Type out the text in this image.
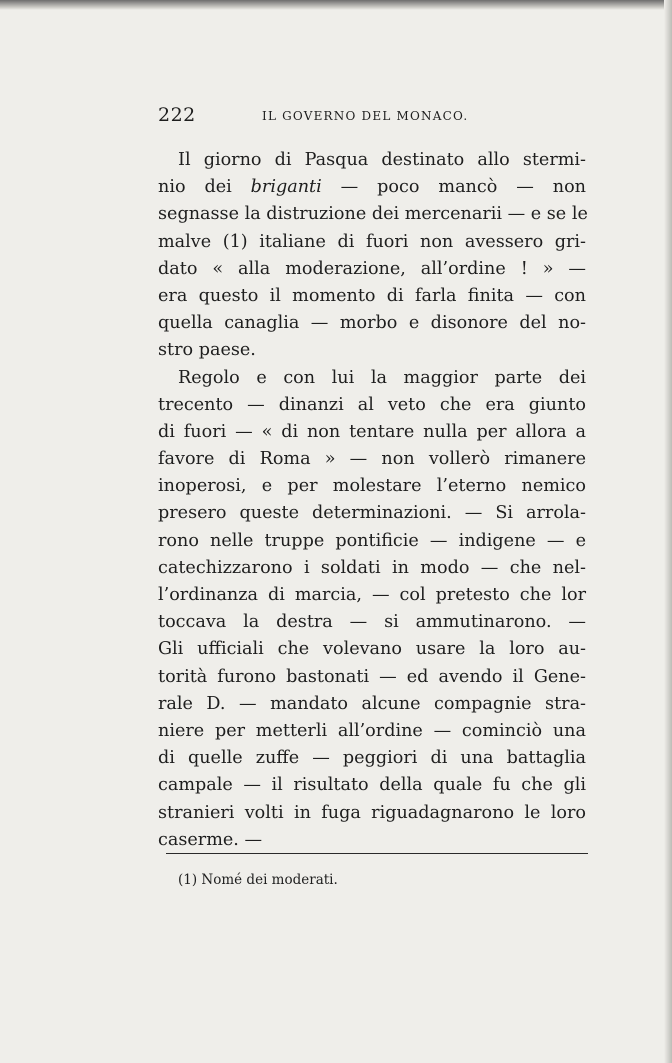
222	IL GOVERNO DEL MONACO.
Il giorno di Pasqua destinato allo stermi-
nio dei briganti — poco mancò — non
segnasse la distruzione dei mercenarii — e se le
malve (1) italiane di fuori non avessero gri-
dato « alla moderazione, all’ordine ! » —
era questo il momento di farla finita — con
quella canaglia — morbo e disonore del no-
stro paese.
Regolo e con lui la maggior parte dei
trecento — dinanzi al veto che era giunto
di fuori — « di non tentare nulla per allora a
favore di Roma » — non vollerò rimanere
inoperosi, e per molestare l’eterno nemico
presero queste determinazioni. — Si arrola-
rono nelle truppe pontificie — indigene — e
catechizzarono i soldati in modo — che nel-
l’ordinanza di marcia, — col pretesto che lor
toccava la destra — si ammutinarono. —
Gli ufficiali che volevano usare la loro au-
torità furono bastonati — ed avendo il Gene-
rale D. — mandato alcune compagnie stra-
niere per metterli all’ordine — cominciò una
di quelle zuffe — peggiori di una battaglia
campale — il risultato della quale fu che gli
stranieri volti in fuga riguadagnarono le loro
caserme. —
(1) Nomé dei moderati.
